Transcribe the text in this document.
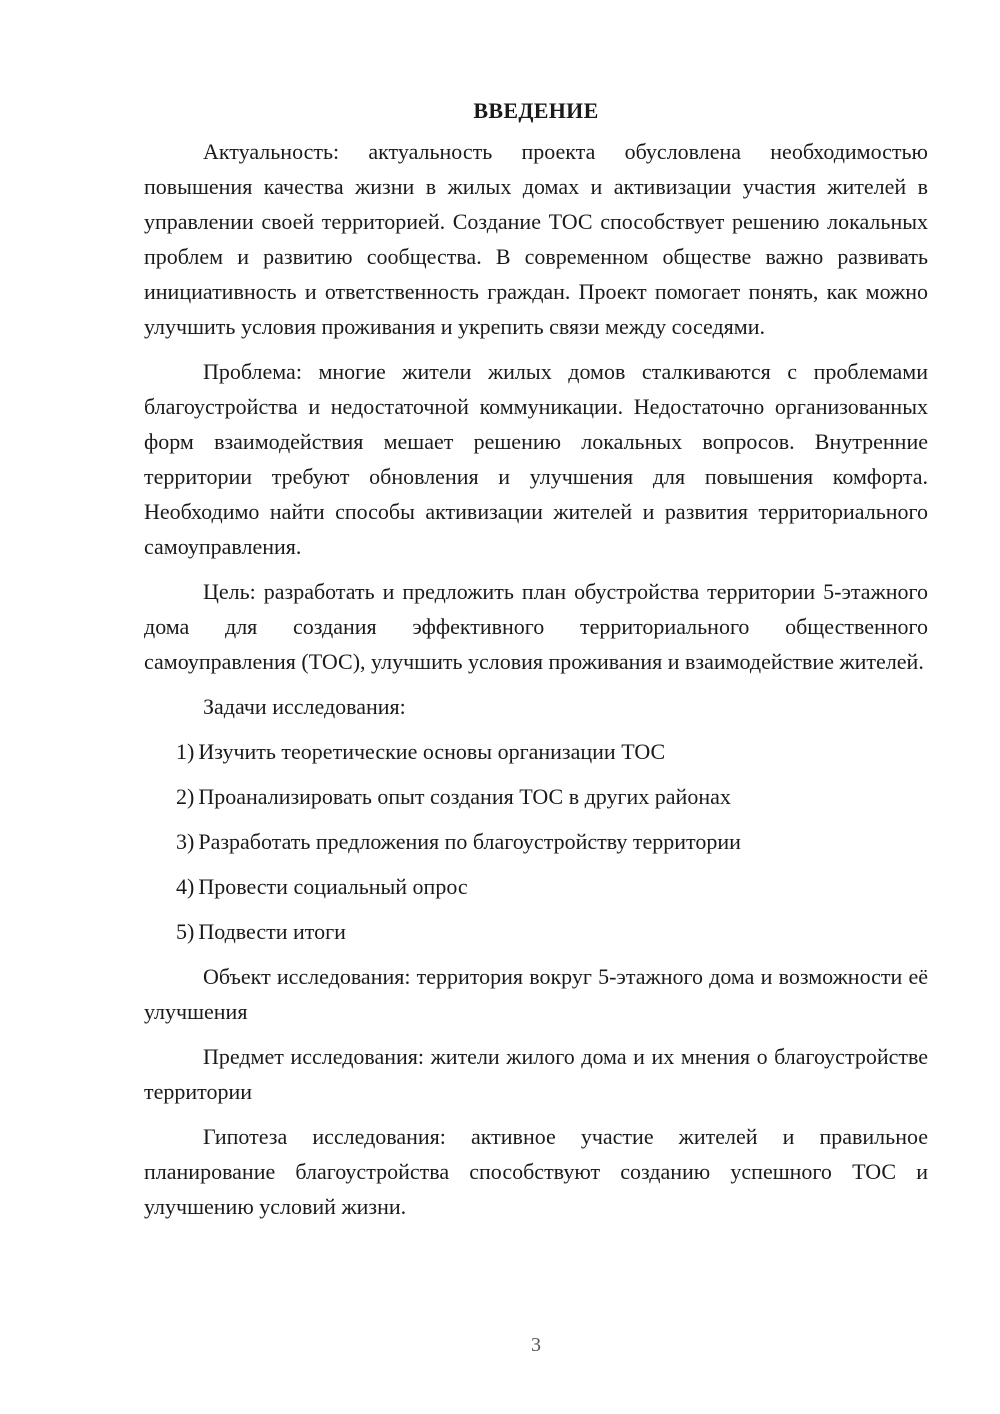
ВВЕДЕНИЕ

Актуальность: актуальность проекта обусловлена необходимостью повышения качества жизни в жилых домах и активизации участия жителей в управлении своей территорией. Создание ТОС способствует решению локальных проблем и развитию сообщества. В современном обществе важно развивать инициативность и ответственность граждан. Проект помогает понять, как можно улучшить условия проживания и укрепить связи между соседями.

Проблема: многие жители жилых домов сталкиваются с проблемами благоустройства и недостаточной коммуникации. Недостаточно организованных форм взаимодействия мешает решению локальных вопросов. Внутренние территории требуют обновления и улучшения для повышения комфорта. Необходимо найти способы активизации жителей и развития территориального самоуправления.

Цель: разработать и предложить план обустройства территории 5-этажного дома для создания эффективного территориального общественного самоуправления (ТОС), улучшить условия проживания и взаимодействие жителей.

Задачи исследования:

1) Изучить теоретические основы организации ТОС
2) Проанализировать опыт создания ТОС в других районах
3) Разработать предложения по благоустройству территории
4) Провести социальный опрос
5) Подвести итоги

Объект исследования: территория вокруг 5-этажного дома и возможности её улучшения

Предмет исследования: жители жилого дома и их мнения о благоустройстве территории

Гипотеза исследования: активное участие жителей и правильное планирование благоустройства способствуют созданию успешного ТОС и улучшению условий жизни.

3
